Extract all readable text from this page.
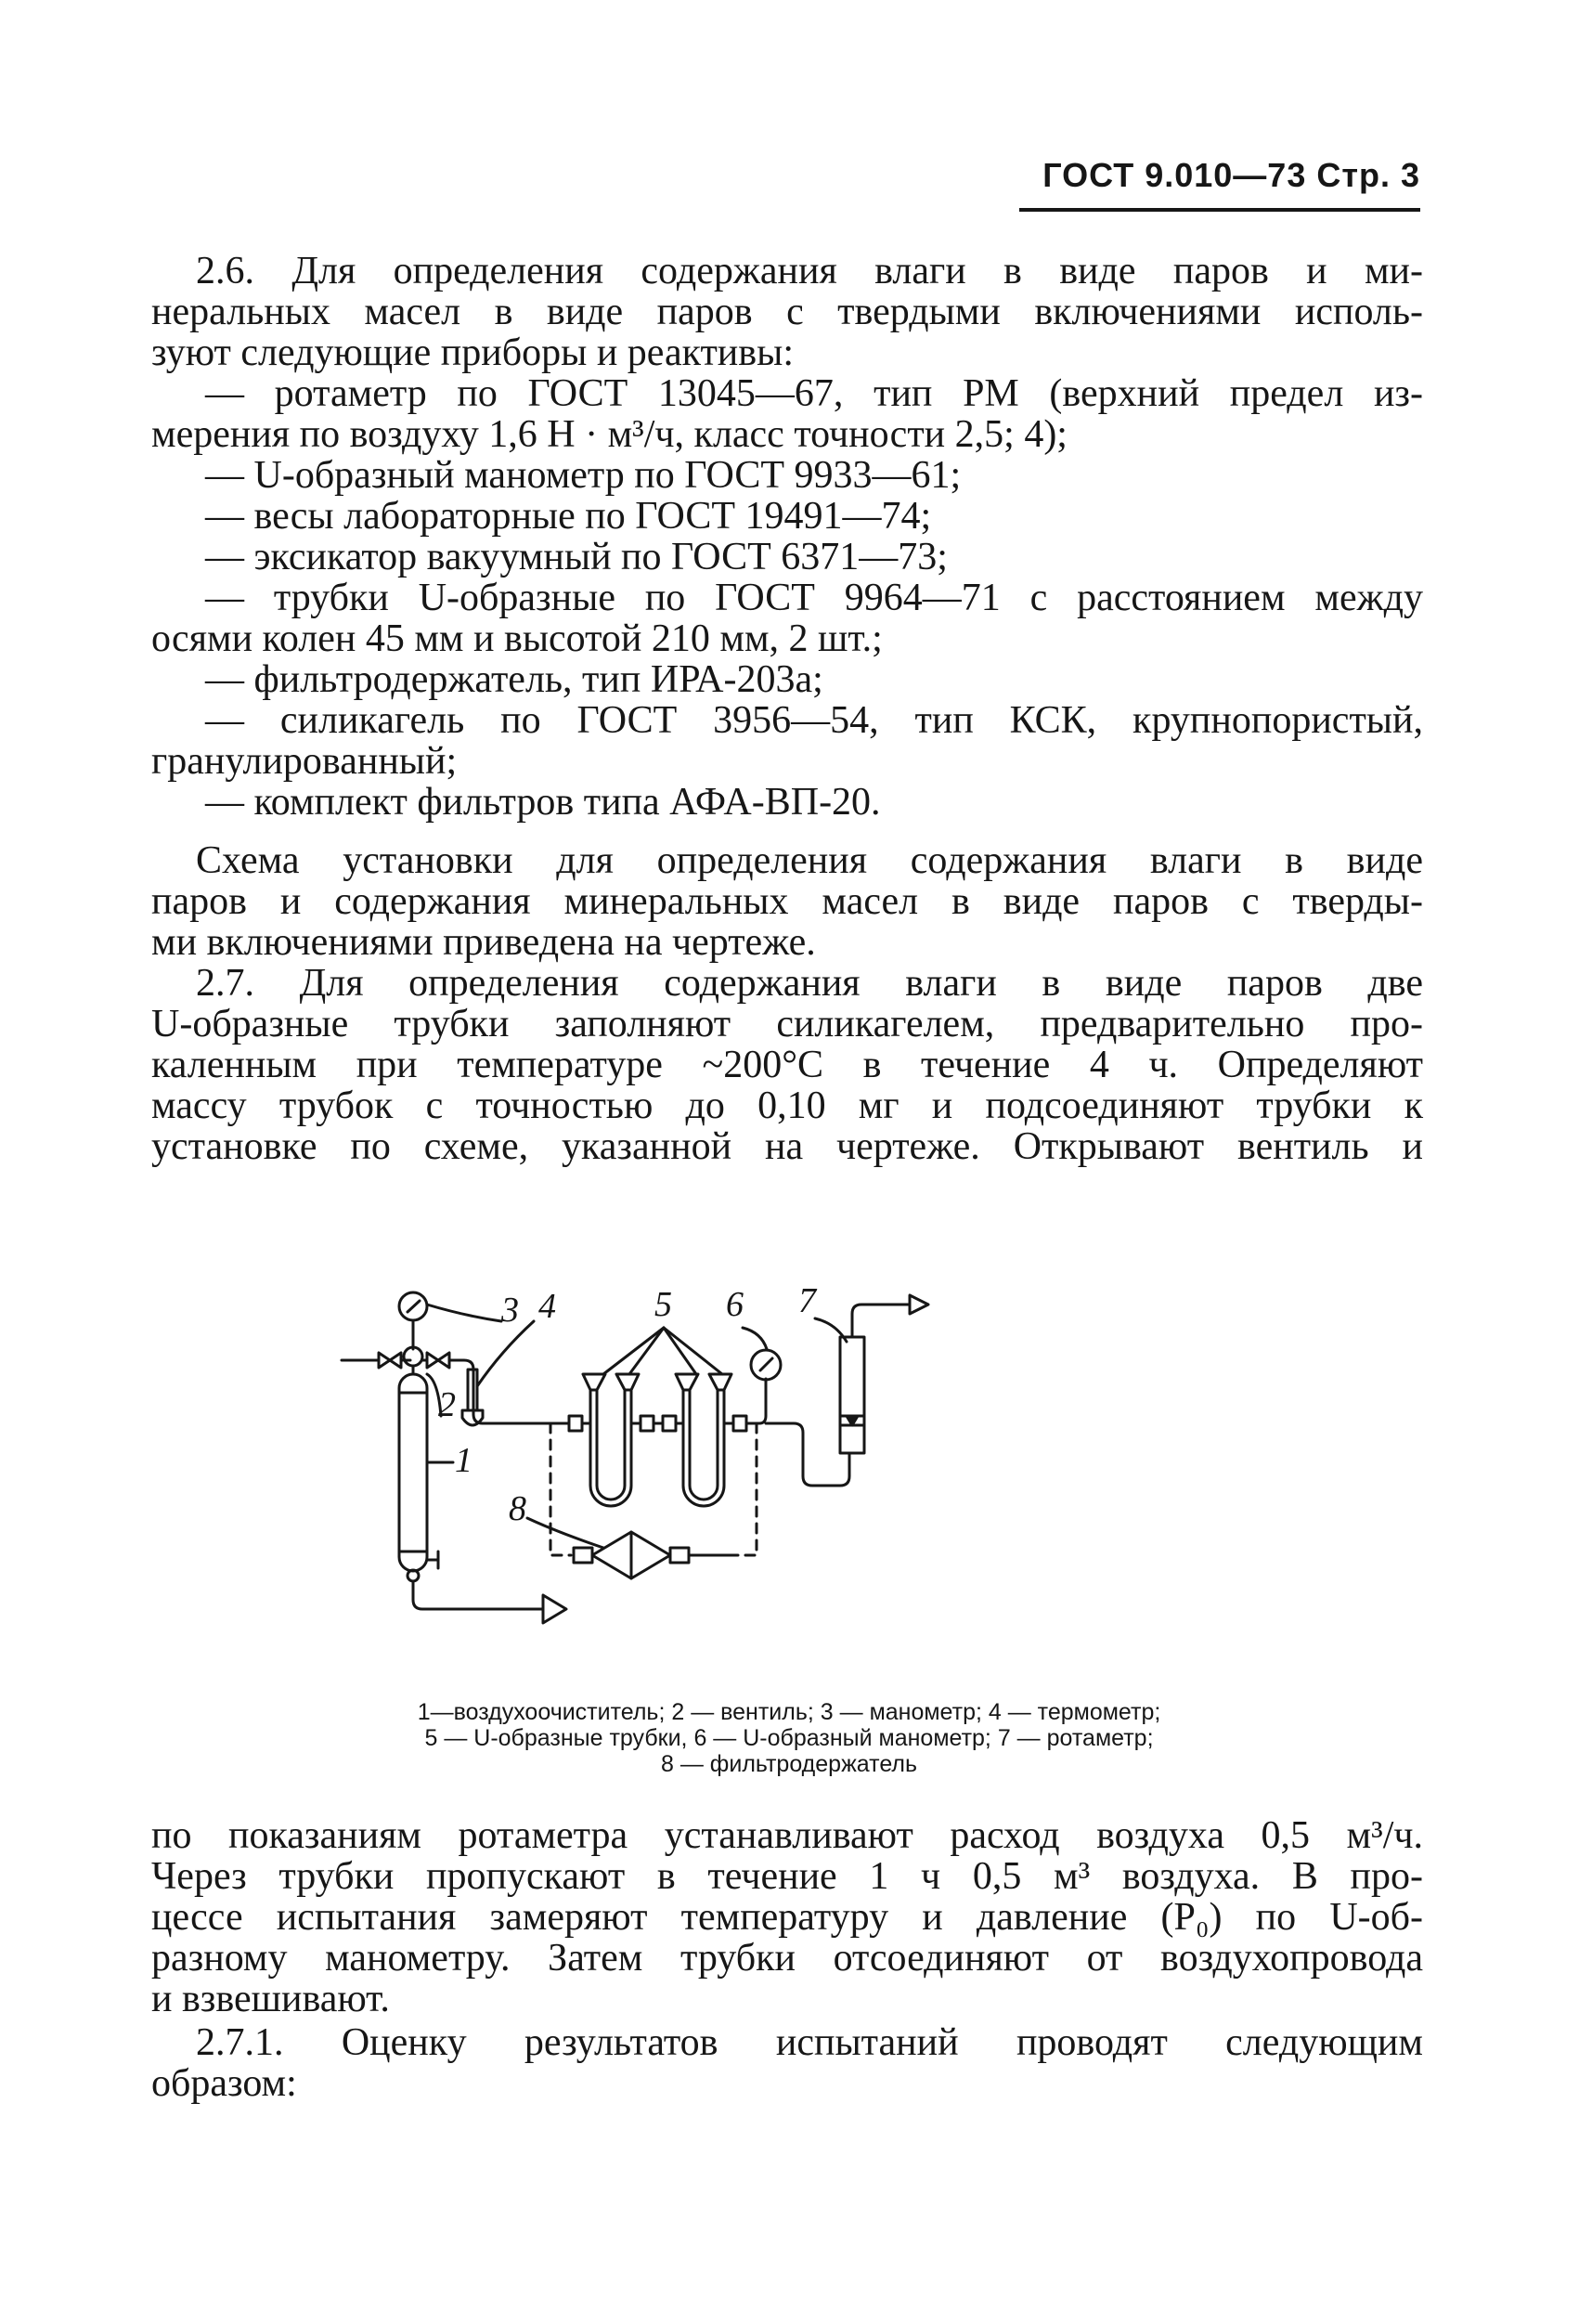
ГОСТ 9.010—73 Стр. 3
2.6. Для определения содержания влаги в виде паров и ми-
неральных масел в виде паров с твердыми включениями исполь-
зуют следующие приборы и реактивы:
— ротаметр по ГОСТ 13045—67, тип РМ (верхний предел из-
мерения по воздуху 1,6 Н · м³/ч, класс точности 2,5; 4);
— U-образный манометр по ГОСТ 9933—61;
— весы лабораторные по ГОСТ 19491—74;
— эксикатор вакуумный по ГОСТ 6371—73;
— трубки U-образные по ГОСТ 9964—71 с расстоянием между
осями колен 45 мм и высотой 210 мм, 2 шт.;
— фильтродержатель, тип ИРА-203а;
— силикагель по ГОСТ 3956—54, тип КСК, крупнопористый,
гранулированный;
— комплект фильтров типа АФА-ВП-20.
Схема установки для определения содержания влаги в виде
паров и содержания минеральных масел в виде паров с тверды-
ми включениями приведена на чертеже.
2.7. Для определения содержания влаги в виде паров две
U-образные трубки заполняют силикагелем, предварительно про-
каленным при температуре ~200°С в течение 4 ч. Определяют
массу трубок с точностью до 0,10 мг и подсоединяют трубки к
установке по схеме, указанной на чертеже. Открывают вентиль и
3 4	5 6 7
2
1
8
1—воздухоочиститель; 2 — вентиль; 3 — манометр; 4 — термометр;
5 — U-образные трубки, 6 — U-образный манометр; 7 — ротаметр;
8 — фильтродержатель
по показаниям ротаметра устанавливают расход воздуха 0,5 м³/ч.
Через трубки пропускают в течение 1 ч 0,5 м³ воздуха. В про-
цессе испытания замеряют температуру и давление (P₀) по U-об-
разному манометру. Затем трубки отсоединяют от воздухопровода
и взвешивают.
2.7.1. Оценку результатов испытаний проводят следующим
образом:
